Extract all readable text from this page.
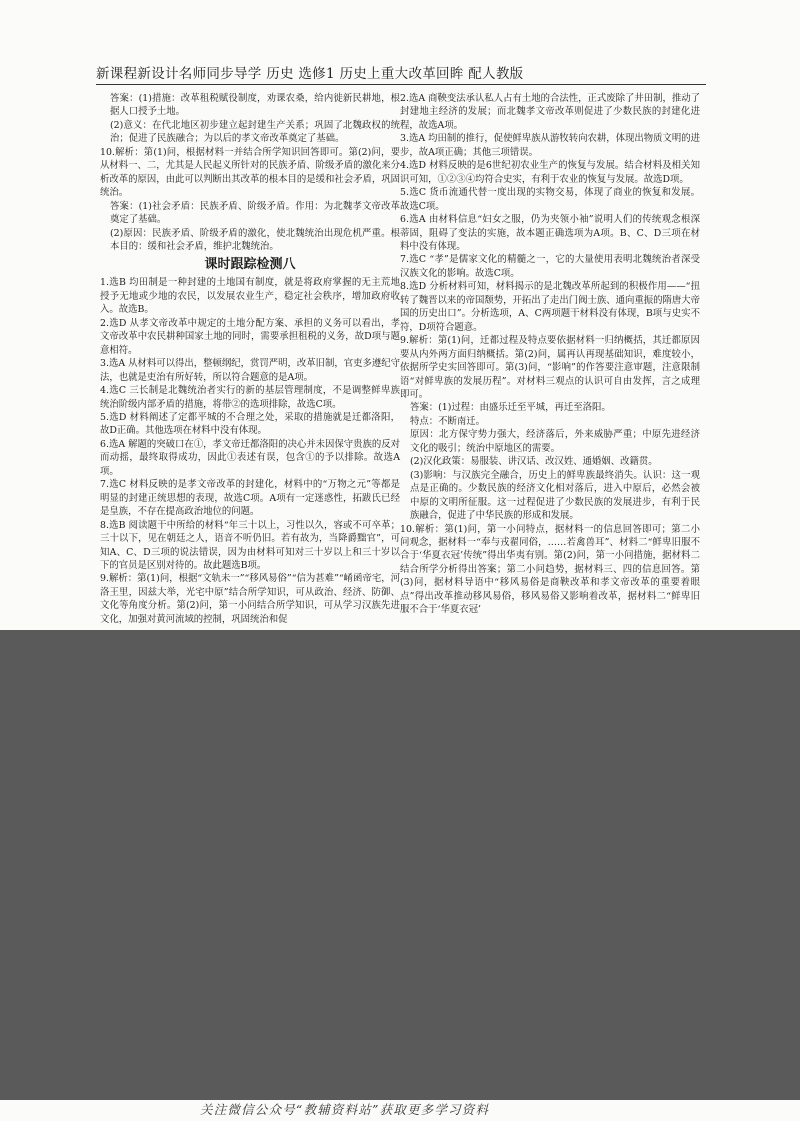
新课程新设计名师同步导学 历史 选修1 历史上重大改革回眸 配人教版

答案：(1)措施：改革租税赋役制度，劝课农桑，给内徙新民耕地，根据人口授予土地。

(2)意义：在代北地区初步建立起封建生产关系；巩固了北魏政权的统治；促进了民族融合；为以后的孝文帝改革奠定了基础。

10.解析：第(1)问，根据材料一并结合所学知识回答即可。第(2)问，要从材料一、二，尤其是人民起义所针对的民族矛盾、阶级矛盾的激化来分析改革的原因，由此可以判断出其改革的根本目的是缓和社会矛盾，巩固统治。

答案：(1)社会矛盾：民族矛盾、阶级矛盾。作用：为北魏孝文帝改革奠定了基础。

(2)原因：民族矛盾、阶级矛盾的激化，使北魏统治出现危机严重。根本目的：缓和社会矛盾，维护北魏统治。

课时跟踪检测八

1.选B 均田制是一种封建的土地国有制度，就是将政府掌握的无主荒地授予无地或少地的农民，以发展农业生产，稳定社会秩序，增加政府收入。故选B。

2.选D 从孝文帝改革中规定的土地分配方案、承担的义务可以看出，孝文帝改革中农民耕种国家土地的同时，需要承担租税的义务，故D项与题意相符。

3.选A 从材料可以得出，整顿纲纪，赏罚严明，改革旧制，官吏多遵纪守法，也就是吏治有所好转，所以符合题意的是A项。

4.选C 三长制是北魏统治者实行的新的基层管理制度，不是调整鲜卑族统治阶级内部矛盾的措施，将带②的选项排除，故选C项。

5.选D 材料阐述了定都平城的不合理之处，采取的措施就是迁都洛阳，故D正确。其他选项在材料中没有体现。

6.选A 解题的突破口在①，孝文帝迁都洛阳的决心并未因保守贵族的反对而动摇，最终取得成功，因此①表述有误，包含①的予以排除。故选A项。

7.选C 材料反映的是孝文帝改革的封建化，材料中的“万物之元”等都是明显的封建正统思想的表现，故选C项。A项有一定迷惑性，拓跋氏已经是皇族，不存在提高政治地位的问题。

8.选B 阅读题干中所给的材料“年三十以上，习性以久，容或不可卒革；三十以下，见在朝廷之人，语音不听仍旧。若有故为，当降爵黜官”，可知A、C、D三项的说法错误，因为由材料可知对三十岁以上和三十岁以下的官员是区别对待的。故此题选B项。

9.解析：第(1)问，根据“文轨未一”“移风易俗”“信为甚难”“崤函帝宅，河洛王里，因兹大举，光宅中原”结合所学知识，可从政治、经济、防御、文化等角度分析。第(2)问，第一小问结合所学知识，可从学习汉族先进文化，加强对黄河流域的控制，巩固统治和促

2.选A 商鞅变法承认私人占有土地的合法性，正式废除了井田制，推动了封建地主经济的发展；而北魏孝文帝改革则促进了少数民族的封建化进程，故选A项。

3.选A 均田制的推行，促使鲜卑族从游牧转向农耕，体现出物质文明的进步，故A项正确；其他三项错误。

4.选D 材料反映的是6世纪初农业生产的恢复与发展。结合材料及相关知识可知，①②③④均符合史实，有利于农业的恢复与发展。故选D项。

5.选C 货币流通代替一度出现的实物交易，体现了商业的恢复和发展。故选C项。

6.选A 由材料信息“妇女之服，仍为夹领小袖”说明人们的传统观念根深蒂固，阻碍了变法的实施，故本题正确选项为A项。B、C、D三项在材料中没有体现。

7.选C “孝”是儒家文化的精髓之一，它的大量使用表明北魏统治者深受汉族文化的影响。故选C项。

8.选D 分析材料可知，材料揭示的是北魏改革所起到的积极作用——“扭转了魏晋以来的帝国颓势，开拓出了走出门阀士族、通向重振的隋唐大帝国的历史出口”。分析选项，A、C两项题干材料没有体现，B项与史实不符，D项符合题意。

9.解析：第(1)问，迁都过程及特点要依据材料一归纳概括，其迁都原因要从内外两方面归纳概括。第(2)问，属再认再现基础知识，难度较小，依据所学史实回答即可。第(3)问，“影响”的作答要注意审题，注意限制语“对鲜卑族的发展历程”。对材料三观点的认识可自由发挥，言之成理即可。

答案：(1)过程：由盛乐迁至平城，再迁至洛阳。

特点：不断南迁。

原因：北方保守势力强大，经济落后，外来威胁严重；中原先进经济文化的吸引；统治中原地区的需要。

(2)汉化政策：易服装、讲汉话、改汉姓、通婚姻、改籍贯。

(3)影响：与汉族完全融合，历史上的鲜卑族最终消失。认识：这一观点是正确的。少数民族的经济文化相对落后，进入中原后，必然会被中原的文明所征服。这一过程促进了少数民族的发展进步，有利于民族融合，促进了中华民族的形成和发展。

10.解析：第(1)问，第一小问特点，据材料一的信息回答即可；第二小问观念，据材料一“奉与戎翟同俗，……若禽兽耳”、材料二“鲜卑旧服不合于‘华夏衣冠’传统”得出华夷有别。第(2)问，第一小问措施，据材料二结合所学分析得出答案；第二小问趋势，据材料三、四的信息回答。第(3)问，据材料导语中“移风易俗是商鞅改革和孝文帝改革的重要着眼点”得出改革推动移风易俗，移风易俗又影响着改革，据材料二“鲜卑旧服不合于‘华夏衣冠’

关注微信公众号“教辅资料站”获取更多学习资料
